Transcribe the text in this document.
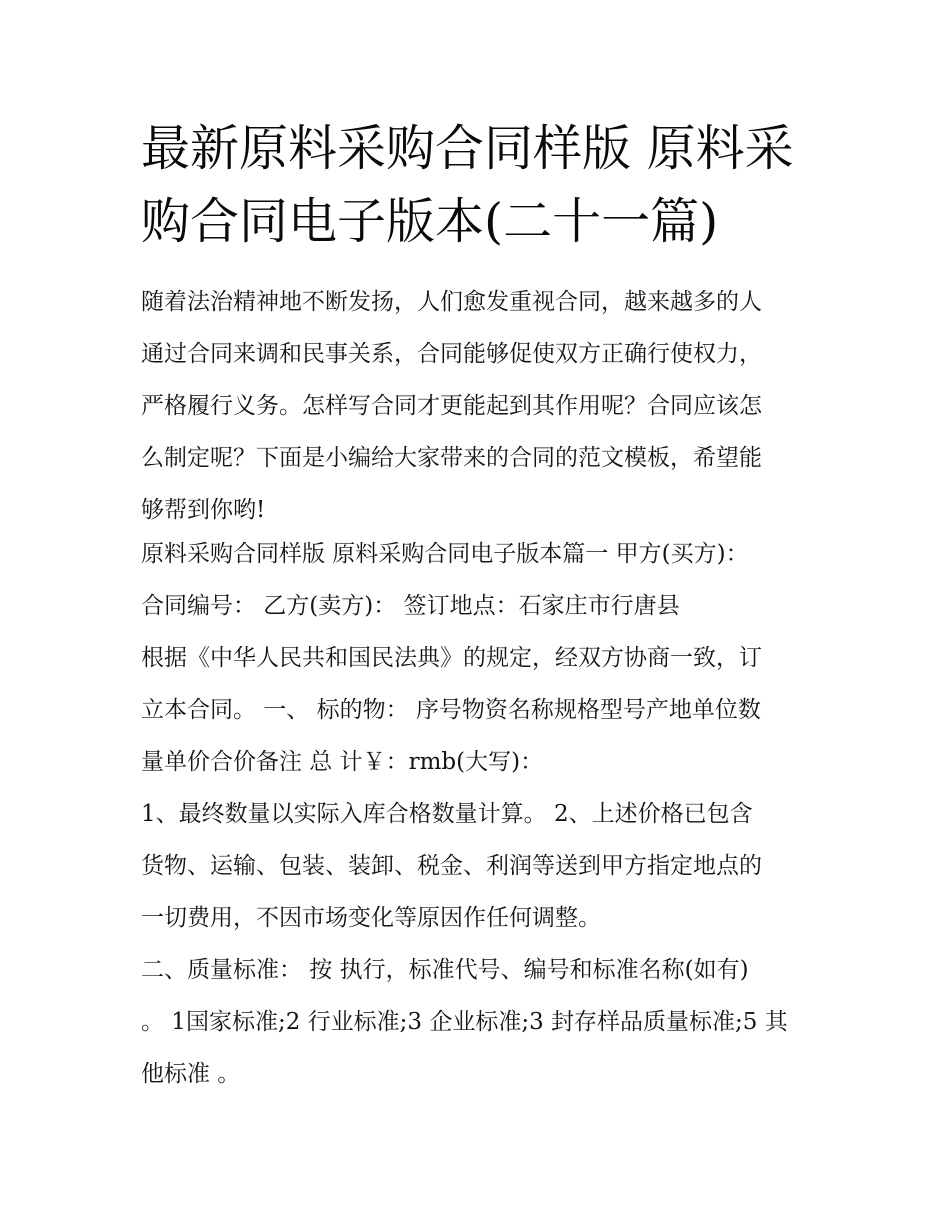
最新原料采购合同样版 原料采
购合同电子版本(二十一篇)
随着法治精神地不断发扬，人们愈发重视合同，越来越多的人
通过合同来调和民事关系，合同能够促使双方正确行使权力，
严格履行义务。怎样写合同才更能起到其作用呢？合同应该怎
么制定呢？下面是小编给大家带来的合同的范文模板，希望能
够帮到你哟!
原料采购合同样版 原料采购合同电子版本篇一 甲方(买方)：
合同编号： 乙方(卖方)： 签订地点：石家庄市行唐县
根据《中华人民共和国民法典》的规定，经双方协商一致，订
立本合同。 一、 标的物： 序号物资名称规格型号产地单位数
量单价合价备注 总 计￥：rmb(大写)：
1、最终数量以实际入库合格数量计算。 2、上述价格已包含
货物、运输、包装、装卸、税金、利润等送到甲方指定地点的
一切费用，不因市场变化等原因作任何调整。
二、质量标准： 按 执行，标准代号、编号和标准名称(如有)
。 1国家标准;2 行业标准;3 企业标准;3 封存样品质量标准;5 其
他标准 。
